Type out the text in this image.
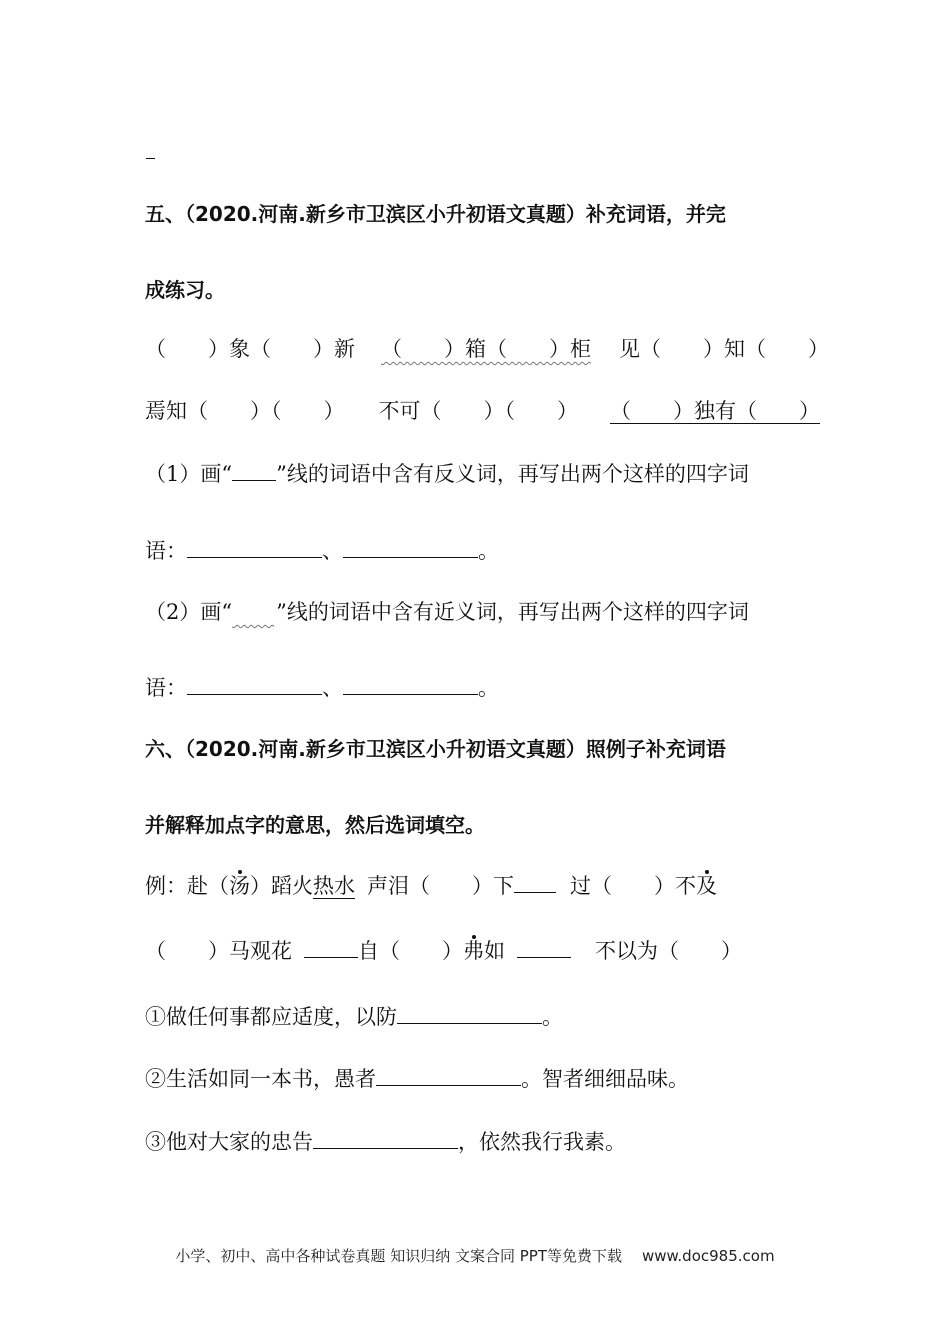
五、（2020.河南.新乡市卫滨区小升初语文真题）补充词语，并完
成练习。
（　　）象（　　）新 （　　）箱（　　）柜 见（　　）知（　　）
焉知（　　）（　　） 不可（　　）（　　） （　　）独有（　　）
（1）画“ ”线的词语中含有反义词，再写出两个这样的四字词
语：	、	。
（2）画“　　 ”线的词语中含有近义词，再写出两个这样的四字词
语：	、	。
六、（2020.河南.新乡市卫滨区小升初语文真题）照例子补充词语
并解释加点字的意思，然后选词填空。
例：赴（汤）蹈火热水 声泪（　　）下	过（　　）不及
（　　）马观花	自（　　）弗如	不以为（　　）
①做任何事都应适度，以防	。
②生活如同一本书，愚者	。智者细细品味。
③他对大家的忠告	，依然我行我素。
小学、初中、高中各种试卷真题 知识归纳 文案合同 PPT等免费下载 www.doc985.com
